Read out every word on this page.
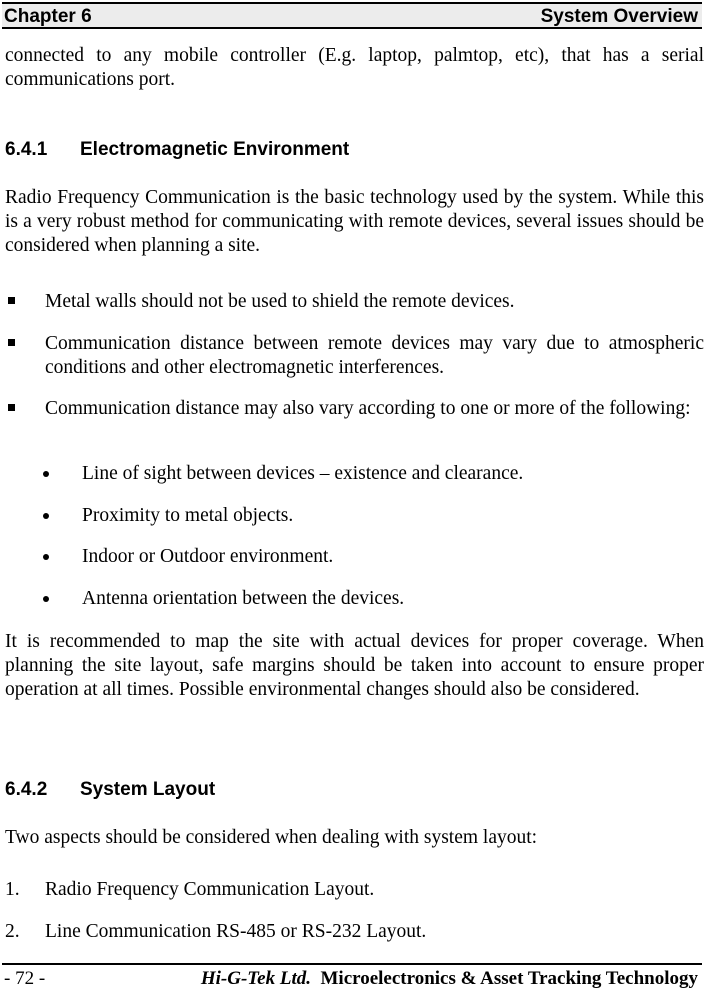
Chapter 6	System Overview

connected to any mobile controller (E.g. laptop, palmtop, etc), that has a serial communications port.

6.4.1 Electromagnetic Environment

Radio Frequency Communication is the basic technology used by the system. While this is a very robust method for communicating with remote devices, several issues should be considered when planning a site.

Metal walls should not be used to shield the remote devices.

Communication distance between remote devices may vary due to atmospheric conditions and other electromagnetic interferences.

Communication distance may also vary according to one or more of the following:

Line of sight between devices – existence and clearance.

Proximity to metal objects.

Indoor or Outdoor environment.

Antenna orientation between the devices.

It is recommended to map the site with actual devices for proper coverage. When planning the site layout, safe margins should be taken into account to ensure proper operation at all times. Possible environmental changes should also be considered.

6.4.2 System Layout

Two aspects should be considered when dealing with system layout:

1. Radio Frequency Communication Layout.
2. Line Communication RS-485 or RS-232 Layout.
- 72 -	Hi-G-Tek Ltd. Microelectronics & Asset Tracking Technology
